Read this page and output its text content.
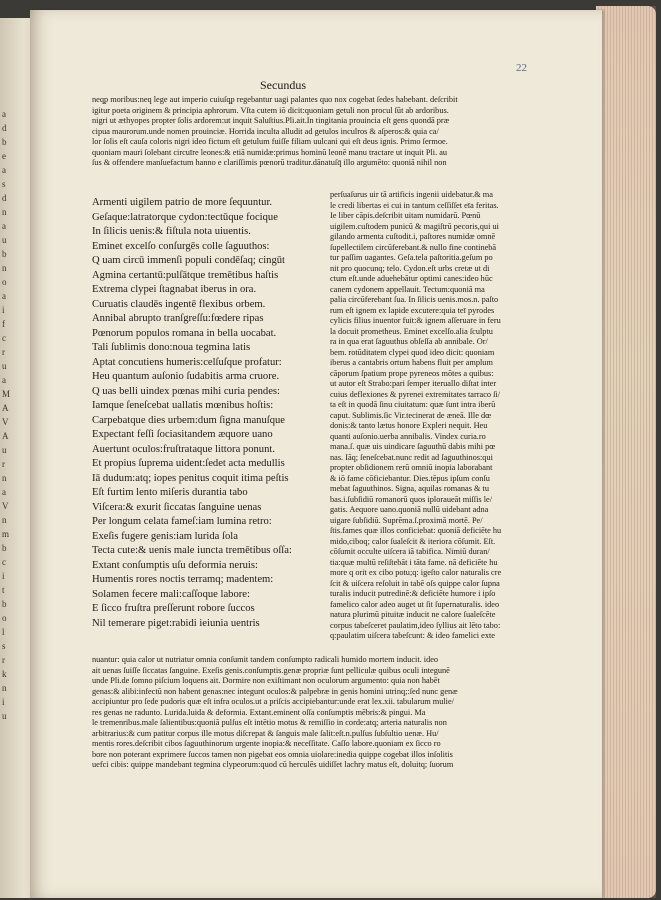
a
d
b
e
a
s
d
n
a
u
b
n
o
a
i
f
c
r
u
a
M
A
V
A
u
r
n
a
V
n
m
b
c
i
t
b
o
l
s
r
k
n
i
u
22
Secundus
neqᵱ moribus:neq lege aut imperio cuiuſqᵱ regebantur uagi palantes quo nox cogebat ſedes habebant. deſcribit
igitur poeta originem & principia aphrorum. Vſta cutem iō dicit:quoniam getuli non procul ſūt ab ardoribus.
nigri ut æthyopes propter ſolis ardorem:ut inquit Saluſtius.Pli.ait.In tingitania prouincia eſt gens quondā præ
cipua maurorum.unde nomen prouinciæ. Horrida inculta alludit ad getulos inculros & aſperos:& quia ca/
lor ſolis eſt cauſa coloris nigri ideo fictum eſt getulum fuiſſe filiam uulcani qui eſt deus ignis. Primo ſermoe.
quoniam mauri ſolebant circuīre leones:& etiā numidæ:primus hominū leonē manu tractare ut inquit Pli. au
ſus & offendere manſuefactum hanno e clariſſimis pœnorū traditur.dānatuſq̄ illo argumēto: quoniā nihil non
Armenti uigilem patrio de more ſequuntur.
Geſaque:latratorque cydon:tectūque focique
In ſilicis uenis:& fiſtula nota uiuentis.
Eminet excelſo conſurgēs colle ſaguuthos:
Q uam circū immenſi populi condēſaq; cingūt
Agmina certantū:pulſātque tremētibus haſtis
Extrema clypei ſtagnabat iberus in ora.
Curuatis claudēs ingentē flexibus orbem.
Annibal abrupto tranſgreſſu:fœdere ripas
Pœnorum populos romana in bella uocabat.
Tali ſublimis dono:noua tegmina latis
Aptat concutiens humeris:celſuſque profatur:
Heu quantum auſonio ſudabitis arma cruore.
Q uas belli uindex pœnas mihi curia pendes:
Iamque ſeneſcebat uallatis mœnibus hoſtis:
Carpebatque dies urbem:dum ſigna manuſque
Expectant feſſi ſociasitandem æquore uano
Auertunt oculos:fruſtrataque littora ponunt.
Et propius ſuprema uident:ſedet acta medullis
Iā dudum:atq; iopes penitus coquit itima peſtis
Eſt furtim lento miſeris durantia tabo
Viſcera:& exurit ſiccatas ſanguine uenas
Per longum celata fameſ:iam lumina retro:
Exeſis fugere genis:iam lurida ſola
Tecta cute:& uenis male iuncta tremētibus oſſa:
Extant conſumptis uſu deformia neruis:
Humentis rores noctis terramq; madentem:
Solamen fecere mali:caſſoque labore:
E ſicco fruſtra preſſerunt robore ſuccos
Nil temerare piget:rabidi ieiunia uentris
perſuaſurus uir tā artificis ingenii uidebatur.& ma
le credi libertas ei cui in tantum ceſſiſſet eīa feritas.
Ie liber cāpis.deſcribit uitam numidarū. Pœnū
uigilem.cuſtodem punicū & magiſtrū pecoris,qui ui
gilando armenta cuſtodit.i, paſtores numidæ omnē
ſupellectilem circūferebant.& nullo fine continebā
tur paſſim uagantes. Geſa.tela paſtoritia.geſum po
nit pro quocunq; telo. Cydon.eſt urbs cretæ ut di
ctum eſt.unde aduehebātur optimi canes:ideo hūc
canem cydonem appellauit. Tectum:quoniā ma
palia circūferebant ſua. In ſilicis uenis.mos.n. paſto
rum eſt ignem ex lapide excutere:quia teī pyrodes
cylicis filius inuentor fuit:& ignem aſſeruare in feru
la docuit prometheus. Eminet excelſo.alia ſculptu
ra in qua erat ſaguuthus obſeſſa ab annibale. Or/
bem. rotūditatem clypei quod ideo dicit: quoniam
iberus a cantabris ortum habens fluit per amplum
cāporum ſpatium prope pyreneos mōtes a quibus:
ut autor eſt Strabo:pari ſemper iteruallo diſtat inter
cuius deflexiones & pyrenei extremitates tarraco ſi/
ta eſt in quodā ſinu ciuitatum: quæ ſunt intra iberū
caput. Sublimis.ſic Vir.tecinerat de æneā. Ille dœ
donis:& tanto lætus honore Expleri nequit. Heu
quanti auſonio.uerba annibalis. Vindex curia.ro
mana.ſ. quæ uis uindicare ſaguuthū dabis mihi pœ
nas. Iāq; ſeneſcebat.nunc redit ad ſaguuthinos:qui
propter obſidionem rerū omniū inopia laborabant
& iō fame cōficiebantur. Dies.tēpus ipſum conſu
mebat ſaguuthinos. Signa, aquilas romanas & tu
bas.i.ſubſidiū romanorū quos iploraueāt miſſis le/
gatis. Aequore uano.quoniā nullū uidebant adna
uigare ſubſidiū. Suprēma.ſ.proximā mortē. Pe/
ſtis.fames quæ illos conficiebat: quoniā deficiēte hu
mido,ciboq; calor ſualeſcit & iteriora cōſumit. Eſt.
cōſumit occulte uiſcera iā tabifica. Nimiū duran/
tia:quæ multū reſiſtebāt i tāta fame. nā deficiēte hu
more q orit ex cibo potu;q: igeſto calor naturalis cre
ſcit & uiſcera reſoluit in tabē oſs quippe calor ſupna
turalis inducit putredinē:& deficiēte humore i ipſo
famelico calor adeo auget ut ſit ſupernaturalis. ideo
natura plurimū pituitæ inducit ne calore ſualeſcēte
corpus tabeſceret paulatim,ideo ſyllius ait lēto tabo:
q:paulatim uiſcera tabeſcunt: & ideo famelici exte
nuantur: quia calor ut nutriatur omnia conſumit tandem conſumpto radicali humido mortem inducit. ideo
ait uenas ſuiſſe ſiccatas ſanguine. Exeſis genis.conſumptis.genæ propriæ ſunt pelliculæ quibus oculi integunē
unde Pli.de ſomno piſcium loquens ait. Dormire non exiſtimant non oculorum argumento: quia non habēt
genas:& alibi:infectū non habent genas:nec integunt oculos:& palpebræ in genis homini utrinq;:ſed nunc genæ
accipiuntur pro ſede pudoris quæ eſt infra oculos.ut a priſcis accipiebantur:unde erat lex.xii. tabularum mulie/
res genas ne radunto. Lurida.luida & deformia. Extant.eminent oſſa conſumptis mēbris:& pingui. Ma
le tremenribus.male ſalientibus:quoniā pulſus eſt intētio motus & remiſſio in corde:atq; arteria naturalis non
arbitrarius:& cum patitur corpus ille motus diſcrepat & ſanguis male ſalit:eſt.n.pulſus ſubſultio uenæ. Hu/
mentis rores.deſcribit cibos ſaguuthinorum urgente inopia:& neceſſitate. Caſſo labore.quoniam ex ſicco ro
bore non poterant exprimere ſuccos tamen non pigebat eos omnia uiolare:inedia quippe cogebat illos inſolitis
uefci cibis: quippe mandebant tegmina clypeorum:quod cū herculēs uidiſſet lachry matus eſt, doluitq; ſuorum
